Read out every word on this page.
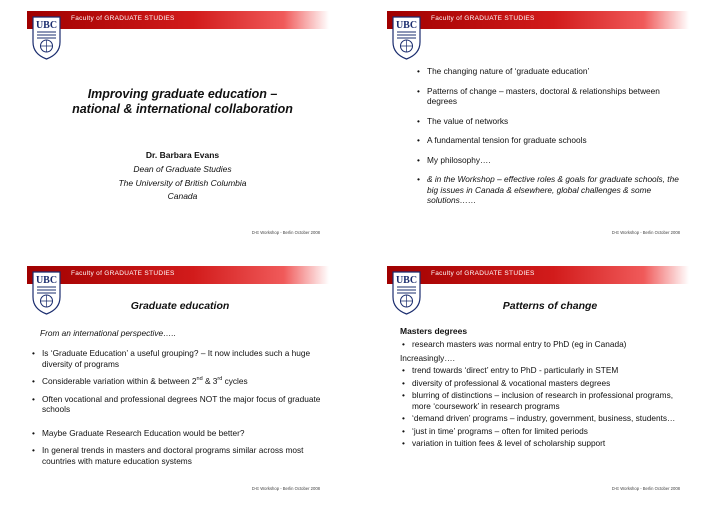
Faculty of GRADUATE STUDIES
UBC
Improving graduate education –
national & international collaboration
Dr. Barbara Evans
Dean of Graduate Studies
The University of British Columbia
Canada
D-E Workshop - Berlin October 2008
Faculty of GRADUATE STUDIES
UBC
• The changing nature of ‘graduate education’
• Patterns of change – masters, doctoral & relationships between degrees
• The value of networks
• A fundamental tension for graduate schools
• My philosophy….
• & in the Workshop – effective roles & goals for graduate schools, the big issues in Canada & elsewhere, global challenges & some solutions……
D-E Workshop - Berlin October 2008
Faculty of GRADUATE STUDIES
UBC
Graduate education
From an international perspective…..
• Is ‘Graduate Education’ a useful grouping? – It now includes such a huge diversity of programs
• Considerable variation within & between 2nd & 3rd cycles
• Often vocational and professional degrees NOT the major focus of graduate schools
• Maybe Graduate Research Education would be better?
• In general trends in masters and doctoral programs similar across most countries with mature education systems
D-E Workshop - Berlin October 2008
Faculty of GRADUATE STUDIES
UBC
Patterns of change
Masters degrees
• research masters was normal entry to PhD (eg in Canada)
Increasingly….
• trend towards ‘direct’ entry to PhD - particularly in STEM
• diversity of professional & vocational masters degrees
• blurring of distinctions – inclusion of research in professional programs, more ‘coursework’ in research programs
• ‘demand driven’ programs – industry, government, business, students…
• ‘just in time’ programs – often for limited periods
• variation in tuition fees & level of scholarship support
D-E Workshop - Berlin October 2008
